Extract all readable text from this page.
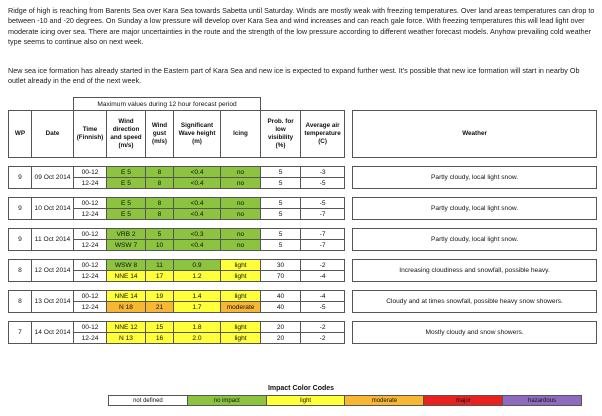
Ridge of high is reaching from Barents Sea over Kara Sea towards Sabetta until Saturday. Winds are mostly weak with freezing temperatures. Over land areas temperatures can drop to between -10 and -20 degrees. On Sunday a low pressure will develop over Kara Sea and wind increases and can reach gale force. With freezing temperatures this will lead light over moderate icing over sea. There are major uncertainties in the route and the strength of the low pressure according to different weather forecast models. Anyhow prevailing cold weather type seems to continue also on next week.
New sea ice formation has already started in the Eastern part of Kara Sea and new ice is expected to expand further west. It's possible that new ice formation will start in nearby Ob outlet already in the end of the next week.
		Maximum values during 12 hour forecast period								
WP	Date	Time (Finnish)	Wind direction and speed (m/s)	Wind gust (m/s)	Significant Wave height (m)	Icing	Prob. for low visibility (%)	Average air temperature (C)		Weather

9	09 Oct 2014	00-12	E 5	8	<0.4	no	5	-3		Partly cloudy, local light snow.
		12-24	E 5	8	<0.4	no	5	-5		

9	10 Oct 2014	00-12	E 5	8	<0.4	no	5	-5		Partly cloudy, local light snow.
		12-24	E 5	8	<0.4	no	5	-7		

9	11 Oct 2014	00-12	VRB 2	5	<0.3	no	5	-7		Partly cloudy, local light snow.
		12-24	WSW 7	10	<0.4	no	5	-7		

8	12 Oct 2014	00-12	WSW 8	11	0.9	light	30	-2		Increasing cloudiness and snowfall, possible heavy.
		12-24	NNE 14	17	1.2	light	70	-4		

8	13 Oct 2014	00-12	NNE 14	19	1.4	light	40	-4		Cloudy and at times snowfall, possible heavy snow showers.
		12-24	N 18	21	1.7	moderate	40	-5		

7	14 Oct 2014	00-12	NNE 12	15	1.8	light	20	-2		Mostly cloudy and snow showers.
		12-24	N 13	16	2.0	light	20	-2		
Impact Color Codes
not defined	no impact	light	moderate	major	hazardous
